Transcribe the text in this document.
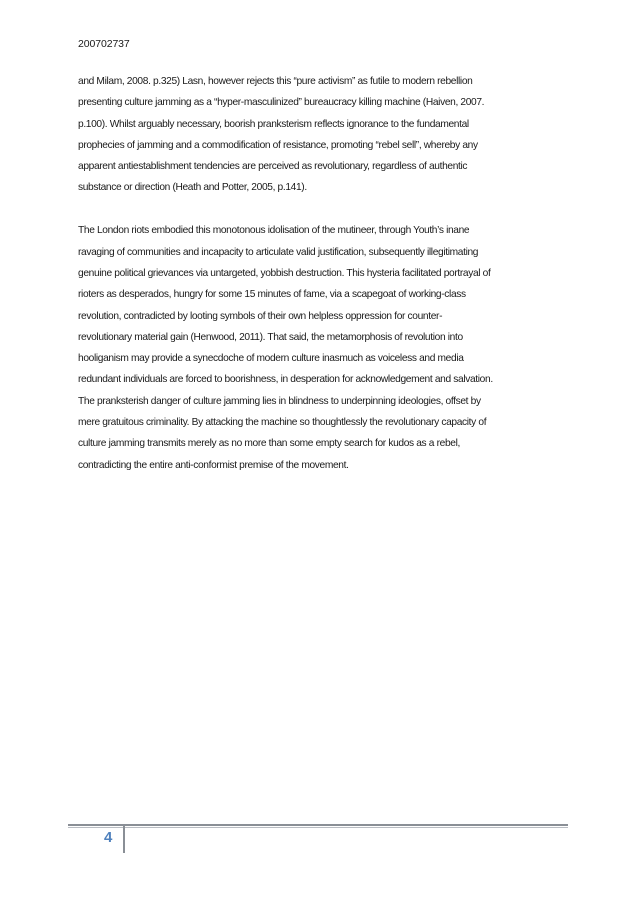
200702737

and Milam, 2008. p.325) Lasn, however rejects this “pure activism” as futile to modern rebellion
presenting culture jamming as a “hyper-masculinized” bureaucracy killing machine (Haiven, 2007.
p.100). Whilst arguably necessary, boorish pranksterism reflects ignorance to the fundamental
prophecies of jamming and a commodification of resistance, promoting “rebel sell”, whereby any
apparent antiestablishment tendencies are perceived as revolutionary, regardless of authentic
substance or direction (Heath and Potter, 2005, p.141).

The London riots embodied this monotonous idolisation of the mutineer, through Youth’s inane
ravaging of communities and incapacity to articulate valid justification, subsequently illegitimating
genuine political grievances via untargeted, yobbish destruction. This hysteria facilitated portrayal of
rioters as desperados, hungry for some 15 minutes of fame, via a scapegoat of working-class
revolution, contradicted by looting symbols of their own helpless oppression for counter-
revolutionary material gain (Henwood, 2011). That said, the metamorphosis of revolution into
hooliganism may provide a synecdoche of modern culture inasmuch as voiceless and media
redundant individuals are forced to boorishness, in desperation for acknowledgement and salvation.
The pranksterish danger of culture jamming lies in blindness to underpinning ideologies, offset by
mere gratuitous criminality. By attacking the machine so thoughtlessly the revolutionary capacity of
culture jamming transmits merely as no more than some empty search for kudos as a rebel,
contradicting the entire anti-conformist premise of the movement.

4
